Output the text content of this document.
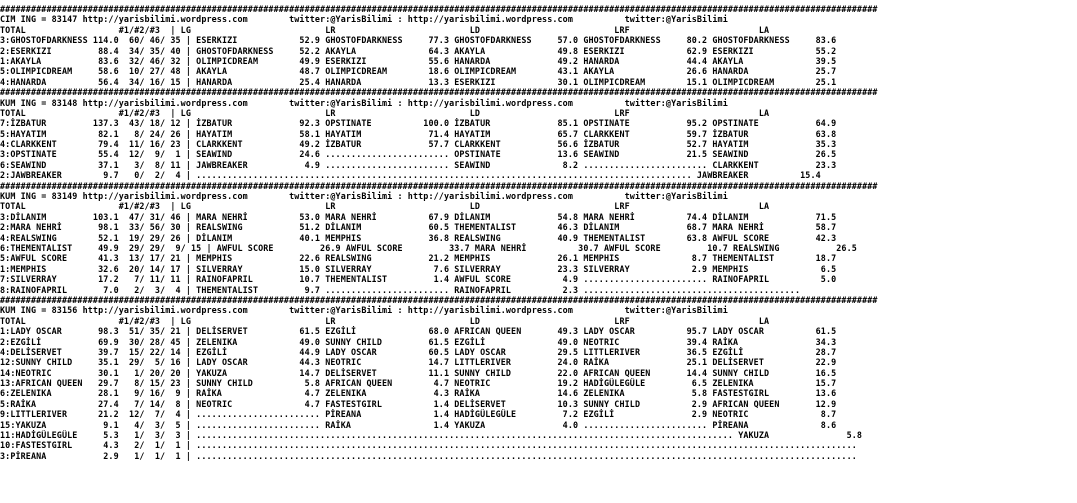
##########################################################################################################################################################################
CIM ING = 83147 http://yarisbilimi.wordpress.com        twitter:@YarisBilimi : http://yarisbilimi.wordpress.com          twitter:@YarisBilimi
TOTAL                  #1/#2/#3  | LG                          LR                          LD                          LRF                         LA
3:GHOSTOFDARKNESS 114.0  60/ 46/ 35 | ESERKIZI            52.9 GHOSTOFDARKNESS     77.3 GHOSTOFDARKNESS     57.0 GHOSTOFDARKNESS     80.2 GHOSTOFDARKNESS     83.6
2:ESERKIZI         88.4  34/ 35/ 40 | GHOSTOFDARKNESS     52.2 AKAYLA              64.3 AKAYLA              49.8 ESERKIZI            62.9 ESERKIZI            55.2
1:AKAYLA           83.6  32/ 46/ 32 | OLIMPICDREAM        49.9 ESERKIZI            55.6 HANARDA             49.2 HANARDA             44.4 AKAYLA              39.5
5:OLIMPICDREAM     58.6  10/ 27/ 48 | AKAYLA              48.7 OLIMPICDREAM        18.6 OLIMPICDREAM        43.1 AKAYLA              26.6 HANARDA             25.7
4:HANARDA          56.4  34/ 16/ 15 | HANARDA             25.4 HANARDA             13.3 ESERKIZI            30.1 OLIMPICDREAM        15.1 OLIMPICDREAM        25.1
##########################################################################################################################################################################
KUM ING = 83148 http://yarisbilimi.wordpress.com        twitter:@YarisBilimi : http://yarisbilimi.wordpress.com          twitter:@YarisBilimi
TOTAL                  #1/#2/#3  | LG                          LR                          LD                          LRF                         LA
7:İZBATUR         137.3  43/ 18/ 12 | İZBATUR             92.3 OPSTINATE          100.0 İZBATUR             85.1 OPSTINATE           95.2 OPSTINATE           64.9
5:HAYATIM          82.1   8/ 24/ 26 | HAYATIM             58.1 HAYATIM             71.4 HAYATIM             65.7 CLARKKENT           59.7 İZBATUR             63.8
4:CLARKKENT        79.4  11/ 16/ 23 | CLARKKENT           49.2 İZBATUR             57.7 CLARKKENT           56.6 İZBATUR             52.7 HAYATIM             35.3
3:OPSTINATE        55.4  12/  9/  1 | SEAWIND             24.6 ........................ OPSTINATE           13.6 SEAWIND             21.5 SEAWIND             26.5
6:SEAWIND          37.1   3/  8/ 11 | JAWBREAKER           4.9 ........................ SEAWIND              8.2 ........................ CLARKKENT           23.3
2:JAWBREAKER        9.7   0/  2/  4 | ................................................................................................ JAWBREAKER          15.4
##########################################################################################################################################################################
KUM ING = 83149 http://yarisbilimi.wordpress.com        twitter:@YarisBilimi : http://yarisbilimi.wordpress.com          twitter:@YarisBilimi
TOTAL                  #1/#2/#3  | LG                          LR                          LD                          LRF                         LA
3:DİLANIM         103.1  47/ 31/ 46 | MARA NEHRİ          53.0 MARA NEHRİ          67.9 DİLANIM             54.8 MARA NEHRİ          74.4 DİLANIM             71.5
2:MARA NEHRİ       98.1  33/ 56/ 30 | REALSWING           51.2 DİLANIM             60.5 THEMENTALIST        46.3 DİLANIM             68.7 MARA NEHRİ          58.7
4:REALSWING        52.1  19/ 29/ 26 | DİLANIM             40.1 MEMPHIS             36.8 REALSWING           40.9 THEMENTALIST        63.8 AWFUL SCORE         42.3
6:THEMENTALIST     49.9  29/ 29/  9/ 15 | AWFUL SCORE         26.9 AWFUL SCORE         33.7 MARA NEHRİ          30.7 AWFUL SCORE         10.7 REALSWING           26.5
5:AWFUL SCORE      41.3  13/ 17/ 21 | MEMPHIS             22.6 REALSWING           21.2 MEMPHIS             26.1 MEMPHIS              8.7 THEMENTALIST        18.7
1:MEMPHIS          32.6  20/ 14/ 17 | SILVERRAY           15.0 SILVERRAY            7.6 SILVERRAY           23.3 SILVERRAY            2.9 MEMPHIS              6.5
7:SILVERRAY        17.2   7/ 11/ 11 | RAINOFAPRIL         10.7 THEMENTALIST         1.4 AWFUL SCORE          4.9 ........................ RAINOFAPRIL          5.0
8:RAINOFAPRIL       7.0   2/  3/  4 | THEMENTALIST         9.7 ........................ RAINOFAPRIL          2.3 ..........................................
##########################################################################################################################################################################
KUM ING = 83156 http://yarisbilimi.wordpress.com        twitter:@YarisBilimi : http://yarisbilimi.wordpress.com          twitter:@YarisBilimi
TOTAL                  #1/#2/#3  | LG                          LR                          LD                          LRF                         LA
1:LADY OSCAR       98.3  51/ 35/ 21 | DELİSERVET          61.5 EZGİLİ              68.0 AFRICAN QUEEN       49.3 LADY OSCAR          95.7 LADY OSCAR          61.5
2:EZGİLİ           69.9  30/ 28/ 45 | ZELENIKA            49.0 SUNNY CHILD         61.5 EZGİLİ              49.0 NEOTRIC             39.4 RAİKA               34.3
4:DELİSERVET       39.7  15/ 22/ 14 | EZGİLİ              44.9 LADY OSCAR          60.5 LADY OSCAR          29.5 LITTLERIVER         36.5 EZGİLİ              28.7
12:SUNNY CHILD     35.1  29/  5/ 16 | LADY OSCAR          44.3 NEOTRIC             14.7 LITTLERIVER         24.0 RAİKA               25.1 DELİSERVET          22.9
14:NEOTRIC         30.1   1/ 20/ 20 | YAKUZA              14.7 DELİSERVET          11.1 SUNNY CHILD         22.0 AFRICAN QUEEN       14.4 SUNNY CHILD         16.5
13:AFRICAN QUEEN   29.7   8/ 15/ 23 | SUNNY CHILD          5.8 AFRICAN QUEEN        4.7 NEOTRIC             19.2 HADİGÜLEGÜLE         6.5 ZELENIKA            15.7
6:ZELENIKA         28.1   9/ 16/  9 | RAİKA                4.7 ZELENIKA             4.3 RAİKA               14.6 ZELENIKA             5.8 FASTESTGIRL         13.6
5:RAİKA            27.4   7/ 14/  8 | NEOTRIC              4.7 FASTESTGIRL          1.4 DELİSERVET          10.3 SUNNY CHILD          2.9 AFRICAN QUEEN       12.9
9:LITTLERIVER      21.2  12/  7/  4 | ........................ PİREANA              1.4 HADİGÜLEGÜLE         7.2 EZGİLİ               2.9 NEOTRIC              8.7
15:YAKUZA           9.1   4/  3/  5 | ........................ RAİKA                1.4 YAKUZA               4.0 ........................ PİREANA              8.6
11:HADİGÜLEGÜLE     5.3   1/  3/  3 | ........................................................................................................ YAKUZA               5.8
10:FASTESTGIRL      4.3   2/  1/  1 | ................................................................................................................................
3:PİREANA           2.9   1/  1/  1 | ................................................................................................................................
